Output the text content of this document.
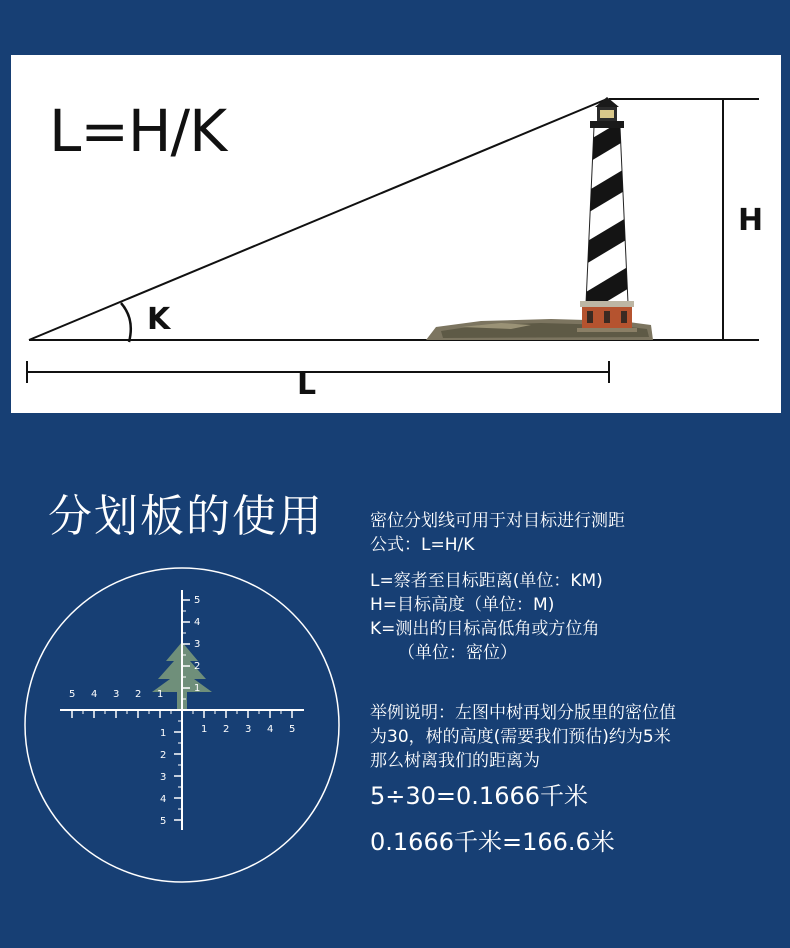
L=H/K
K
H
L
分划板的使用
5 4 3 2 1
1 2 3 4 5
5
4
3
2
1
1
2
3
4
5

密位分划线可用于对目标进行测距

公式：L=H/K

L=察者至目标距离(单位：KM)

H=目标高度（单位：M)

K=测出的目标高低角或方位角

（单位：密位）

举例说明：左图中树再划分版里的密位值

为30，树的高度(需要我们预估)约为5米

那么树离我们的距离为

5÷30=0.1666千米

0.1666千米=166.6米
